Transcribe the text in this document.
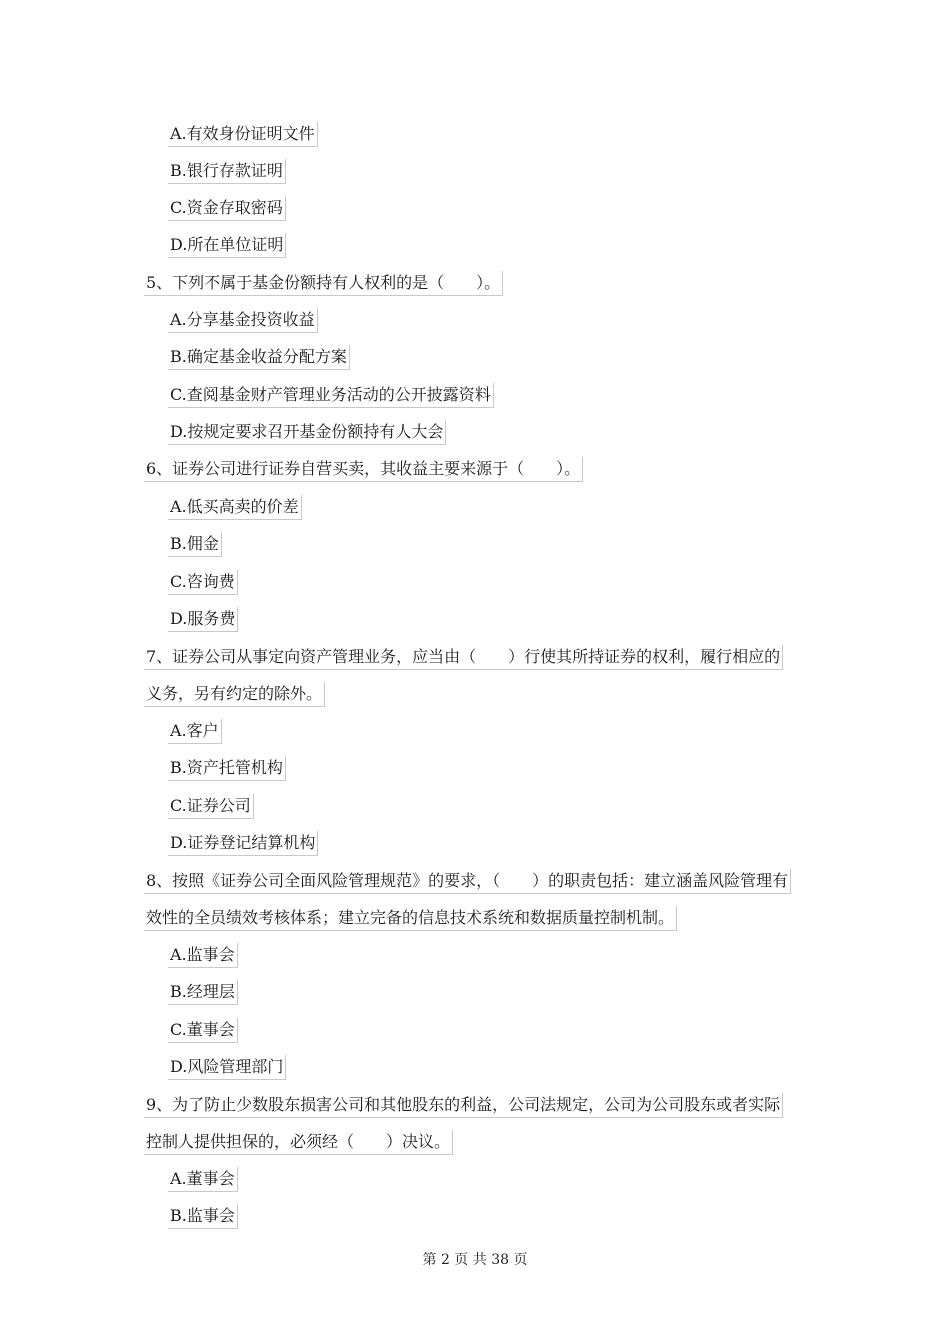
A.有效身份证明文件
B.银行存款证明
C.资金存取密码
D.所在单位证明
5、下列不属于基金份额持有人权利的是（　　）。
A.分享基金投资收益
B.确定基金收益分配方案
C.查阅基金财产管理业务活动的公开披露资料
D.按规定要求召开基金份额持有人大会
6、证券公司进行证券自营买卖，其收益主要来源于（　　）。
A.低买高卖的价差
B.佣金
C.咨询费
D.服务费
7、证券公司从事定向资产管理业务，应当由（　　）行使其所持证券的权利，履行相应的
义务，另有约定的除外。
A.客户
B.资产托管机构
C.证券公司
D.证券登记结算机构
8、按照《证券公司全面风险管理规范》的要求，（　　）的职责包括：建立涵盖风险管理有
效性的全员绩效考核体系；建立完备的信息技术系统和数据质量控制机制。
A.监事会
B.经理层
C.董事会
D.风险管理部门
9、为了防止少数股东损害公司和其他股东的利益，公司法规定，公司为公司股东或者实际
控制人提供担保的，必须经（　　）决议。
A.董事会
B.监事会
第 2 页 共 38 页
